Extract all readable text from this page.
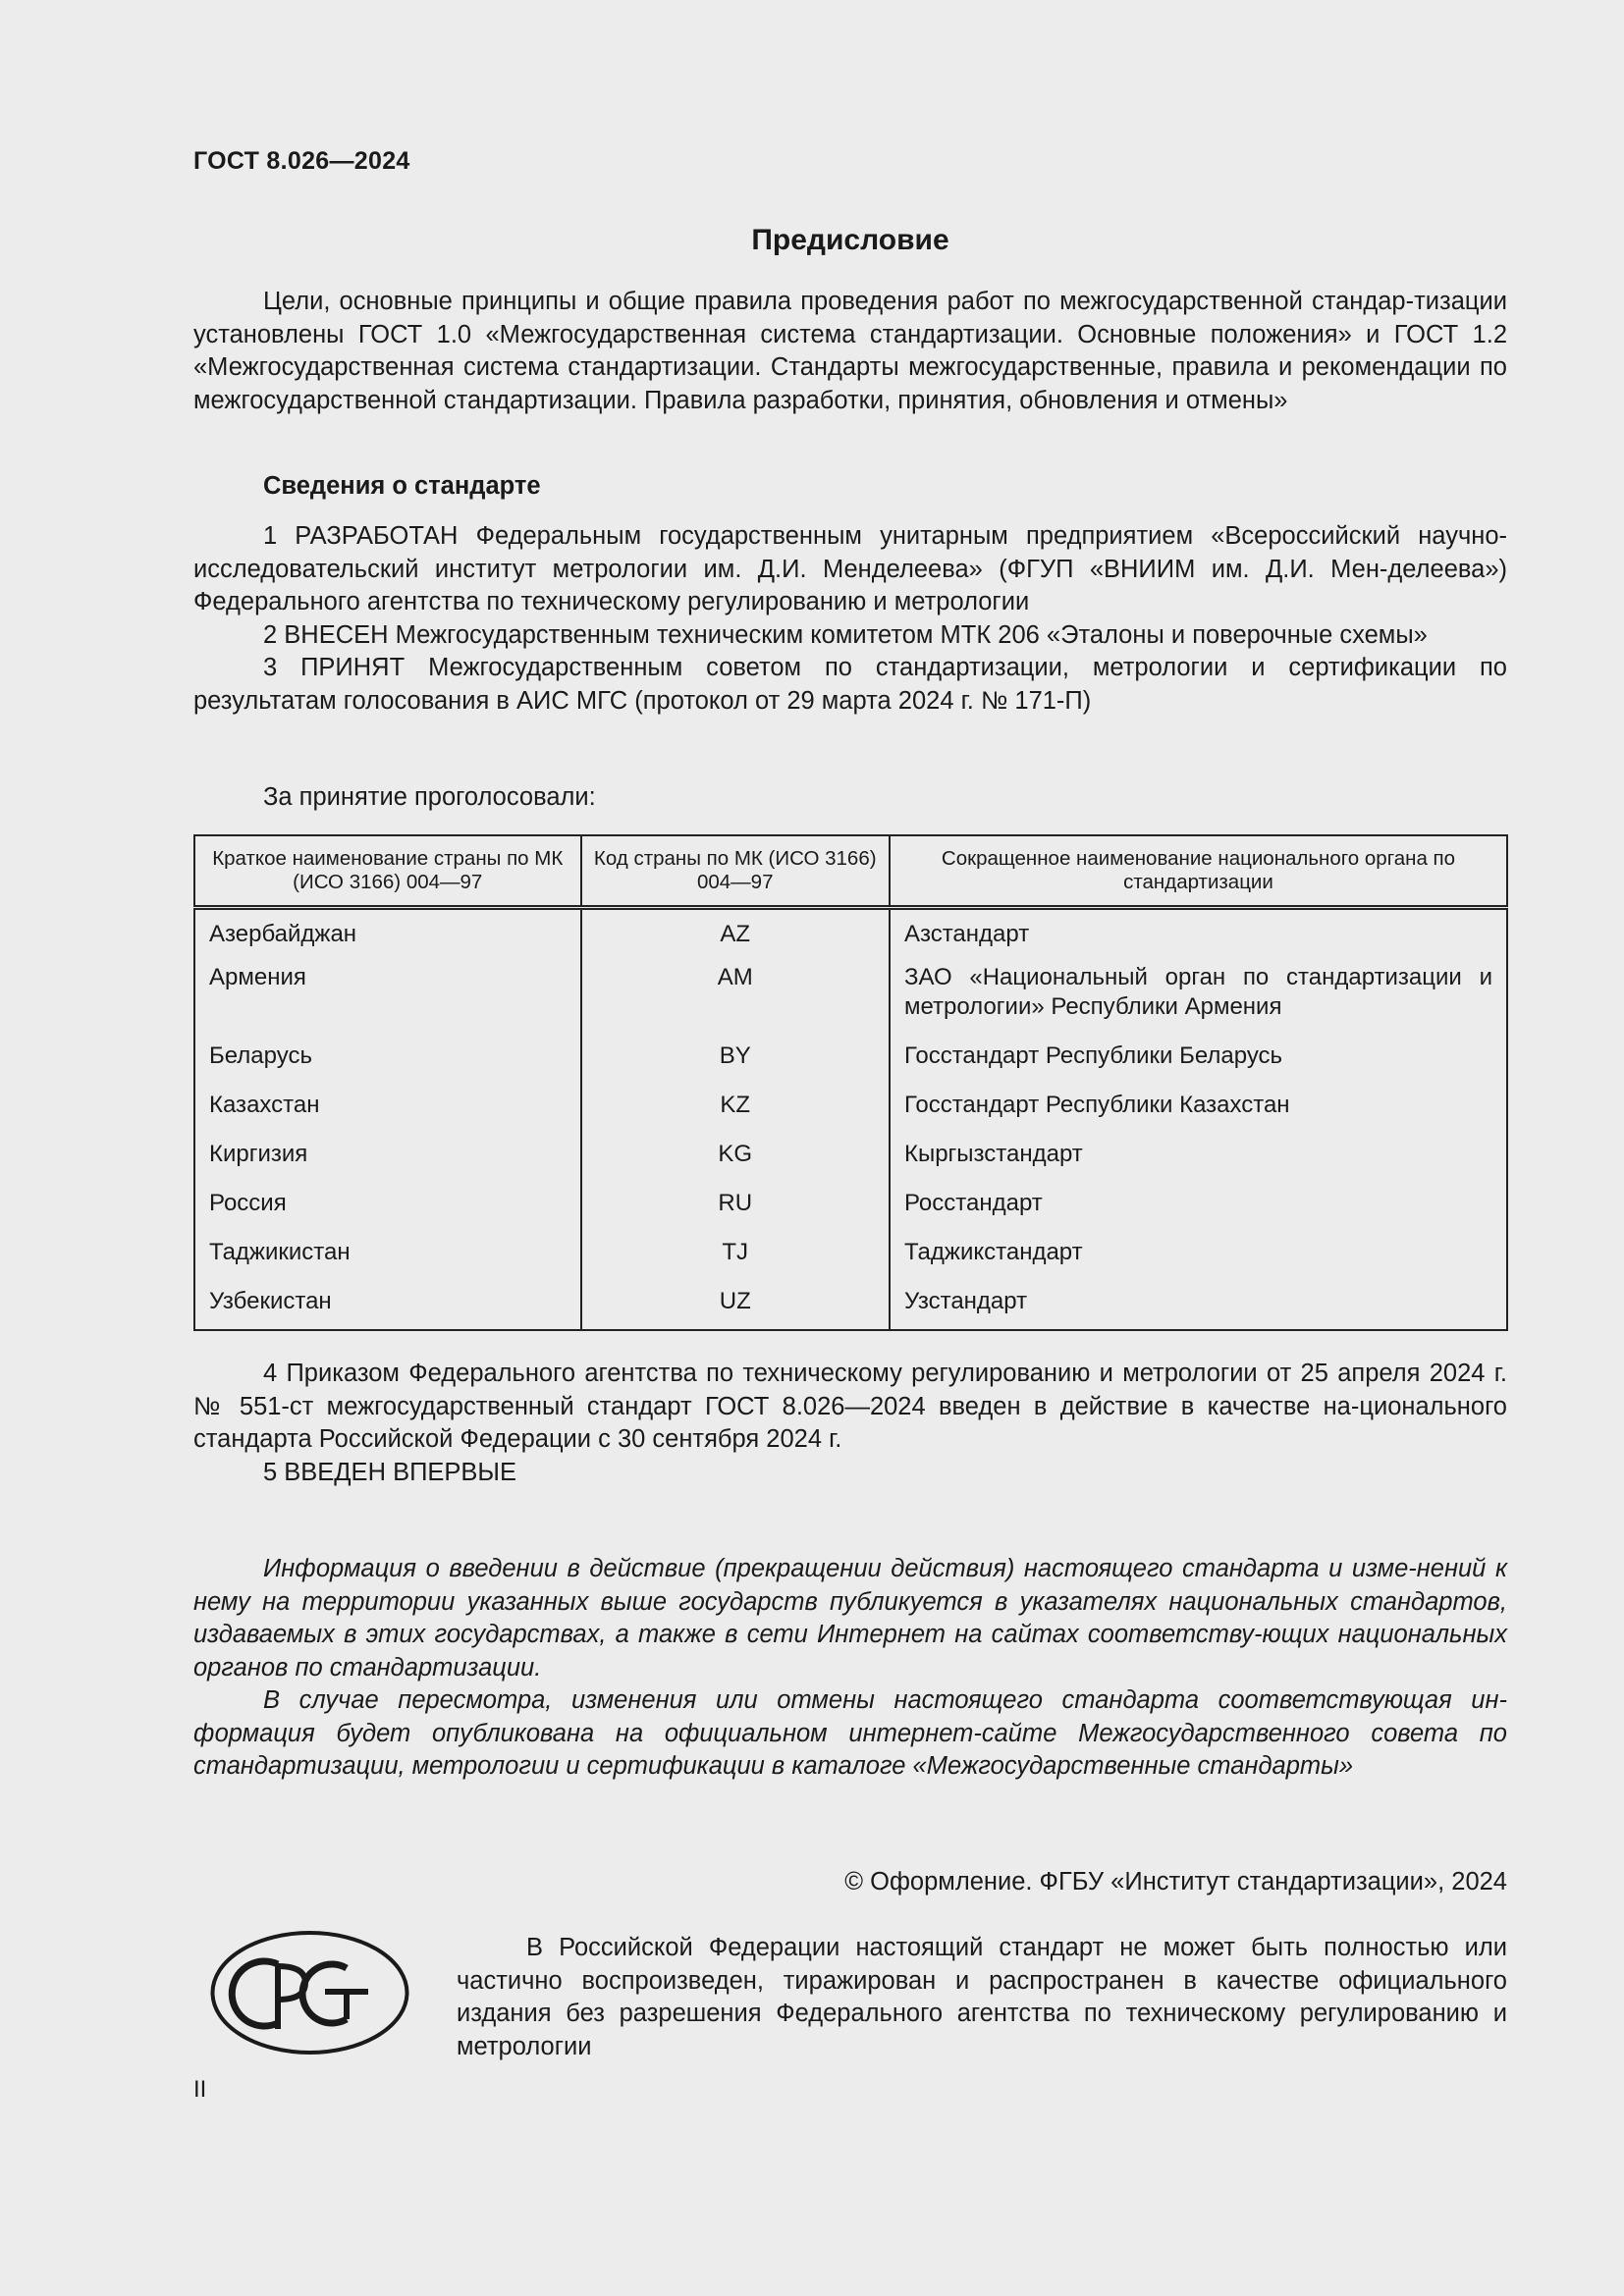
ГОСТ 8.026—2024
Предисловие
Цели, основные принципы и общие правила проведения работ по межгосударственной стандар-тизации установлены ГОСТ 1.0 «Межгосударственная система стандартизации. Основные положения» и ГОСТ 1.2 «Межгосударственная система стандартизации. Стандарты межгосударственные, правила и рекомендации по межгосударственной стандартизации. Правила разработки, принятия, обновления и отмены»
Сведения о стандарте

1 РАЗРАБОТАН Федеральным государственным унитарным предприятием «Всероссийский научно-исследовательский институт метрологии им. Д.И. Менделеева» (ФГУП «ВНИИМ им. Д.И. Мен-делеева») Федерального агентства по техническому регулированию и метрологии

2 ВНЕСЕН Межгосударственным техническим комитетом МТК 206 «Эталоны и поверочные схемы»

3 ПРИНЯТ Межгосударственным советом по стандартизации, метрологии и сертификации по результатам голосования в АИС МГС (протокол от 29 марта 2024 г. № 171-П)

За принятие проголосовали:
Краткое наименование страны по МК (ИСО 3166) 004—97	Код страны по МК (ИСО 3166) 004—97	Сокращенное наименование национального органа по стандартизации
Азербайджан	AZ	Азстандарт
Армения	AM	ЗАО «Национальный орган по стандартизации и метрологии» Республики Армения
Беларусь	BY	Госстандарт Республики Беларусь
Казахстан	KZ	Госстандарт Республики Казахстан
Киргизия	KG	Кыргызстандарт
Россия	RU	Росстандарт
Таджикистан	TJ	Таджикстандарт
Узбекистан	UZ	Узстандарт

4 Приказом Федерального агентства по техническому регулированию и метрологии от 25 апреля 2024 г. № 551-ст межгосударственный стандарт ГОСТ 8.026—2024 введен в действие в качестве на-ционального стандарта Российской Федерации с 30 сентября 2024 г.

5 ВВЕДЕН ВПЕРВЫЕ

Информация о введении в действие (прекращении действия) настоящего стандарта и изме-нений к нему на территории указанных выше государств публикуется в указателях национальных стандартов, издаваемых в этих государствах, а также в сети Интернет на сайтах соответству-ющих национальных органов по стандартизации.

В случае пересмотра, изменения или отмены настоящего стандарта соответствующая ин-формация будет опубликована на официальном интернет-сайте Межгосударственного совета по стандартизации, метрологии и сертификации в каталоге «Межгосударственные стандарты»

© Оформление. ФГБУ «Институт стандартизации», 2024
В Российской Федерации настоящий стандарт не может быть полностью или частично воспроизведен, тиражирован и распространен в качестве официального издания без разрешения Федерального агентства по техническому регулированию и метрологии
II
